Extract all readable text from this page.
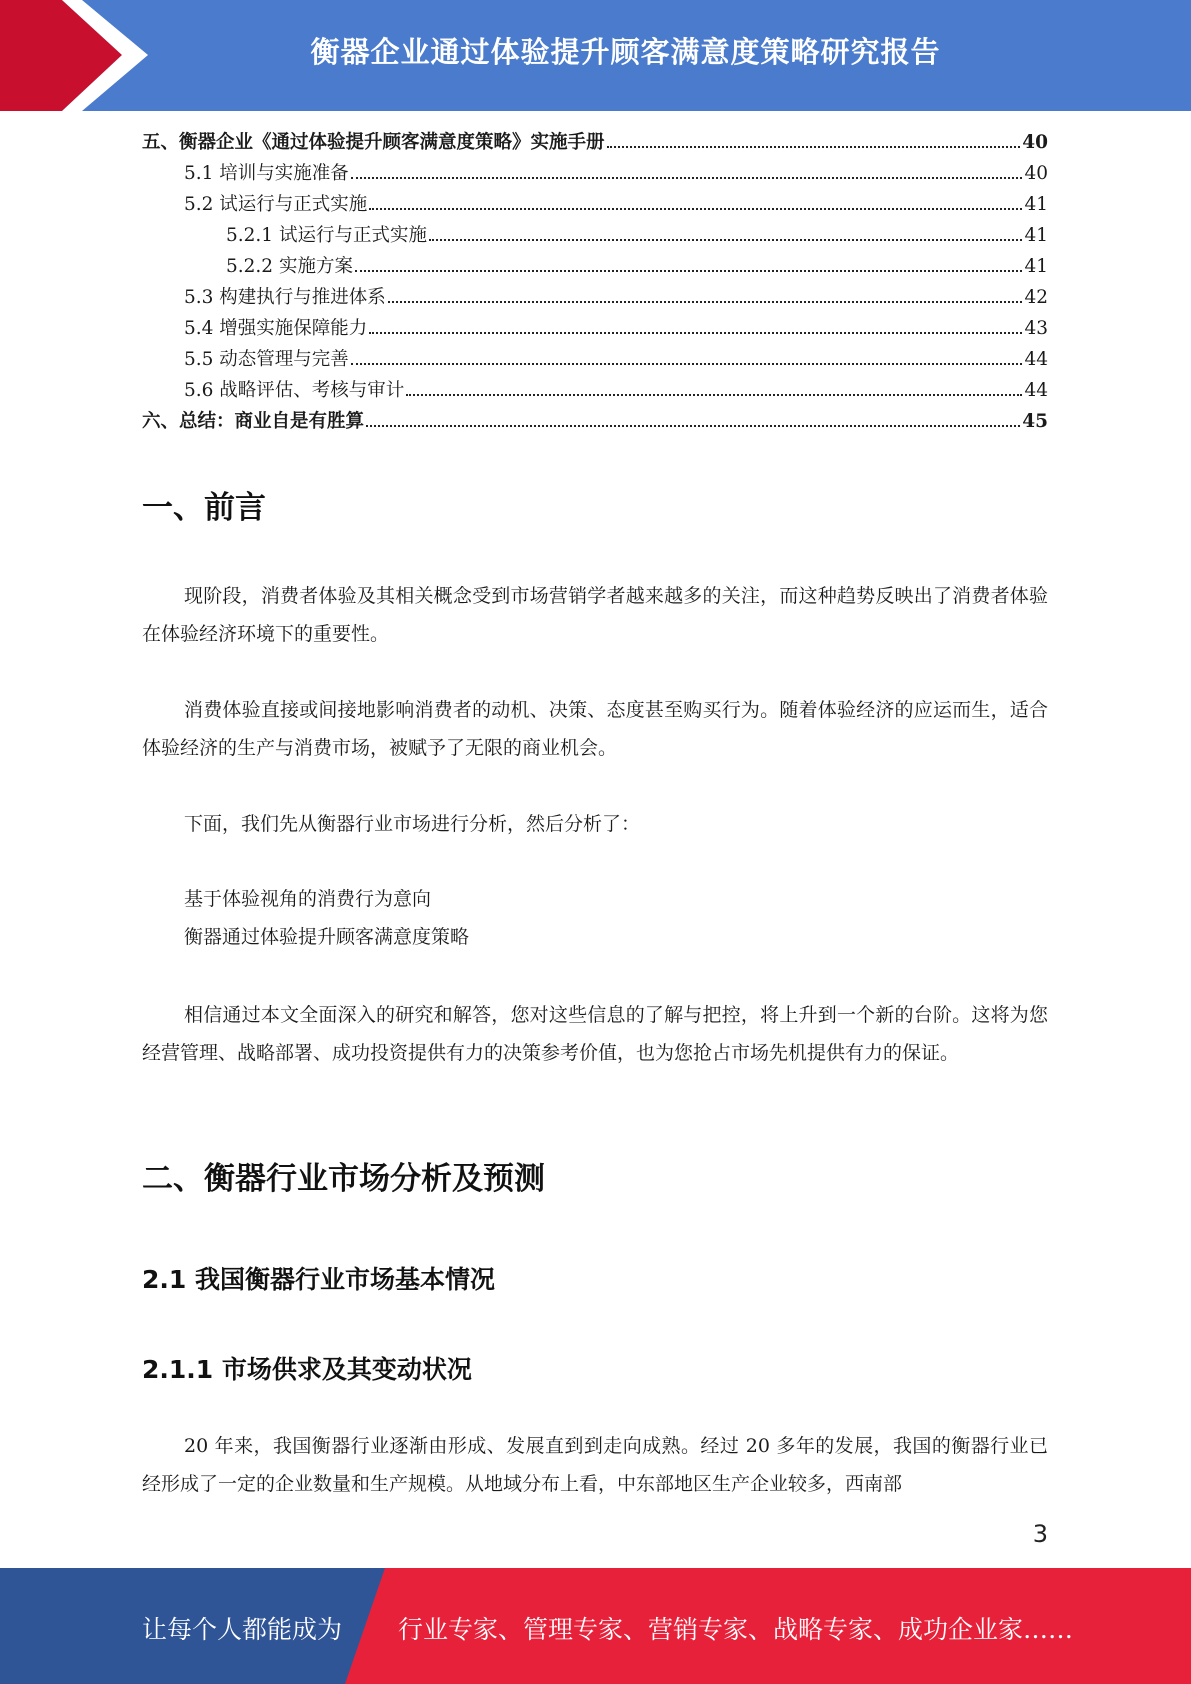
衡器企业通过体验提升顾客满意度策略研究报告
五、衡器企业《通过体验提升顾客满意度策略》实施手册	40
5.1 培训与实施准备	40
5.2 试运行与正式实施	41
5.2.1 试运行与正式实施	41
5.2.2 实施方案	41
5.3 构建执行与推进体系	42
5.4 增强实施保障能力	43
5.5 动态管理与完善	44
5.6 战略评估、考核与审计	44
六、总结：商业自是有胜算	45
一、前言

现阶段，消费者体验及其相关概念受到市场营销学者越来越多的关注，而这种趋势反映出了消费者体验在体验经济环境下的重要性。

消费体验直接或间接地影响消费者的动机、决策、态度甚至购买行为。随着体验经济的应运而生，适合体验经济的生产与消费市场，被赋予了无限的商业机会。

下面，我们先从衡器行业市场进行分析，然后分析了：

基于体验视角的消费行为意向
衡器通过体验提升顾客满意度策略

相信通过本文全面深入的研究和解答，您对这些信息的了解与把控，将上升到一个新的台阶。这将为您经营管理、战略部署、成功投资提供有力的决策参考价值，也为您抢占市场先机提供有力的保证。

二、衡器行业市场分析及预测
2.1 我国衡器行业市场基本情况
2.1.1 市场供求及其变动状况

20 年来，我国衡器行业逐渐由形成、发展直到到走向成熟。经过 20 多年的发展，我国的衡器行业已经形成了一定的企业数量和生产规模。从地域分布上看，中东部地区生产企业较多，西南部

3
让每个人都能成为 行业专家、管理专家、营销专家、战略专家、成功企业家……
